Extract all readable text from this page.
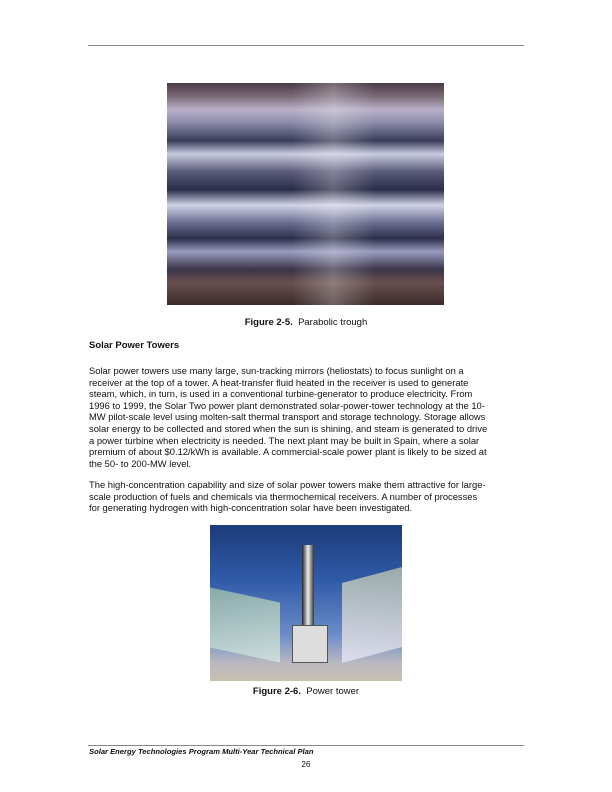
Figure 2-5. Parabolic trough
Solar Power Towers
Solar power towers use many large, sun-tracking mirrors (heliostats) to focus sunlight on a
receiver at the top of a tower. A heat-transfer fluid heated in the receiver is used to generate
steam, which, in turn, is used in a conventional turbine-generator to produce electricity. From
1996 to 1999, the Solar Two power plant demonstrated solar-power-tower technology at the 10-
MW pilot-scale level using molten-salt thermal transport and storage technology. Storage allows
solar energy to be collected and stored when the sun is shining, and steam is generated to drive
a power turbine when electricity is needed. The next plant may be built in Spain, where a solar
premium of about $0.12/kWh is available. A commercial-scale power plant is likely to be sized at
the 50- to 200-MW level.
The high-concentration capability and size of solar power towers make them attractive for large-
scale production of fuels and chemicals via thermochemical receivers. A number of processes
for generating hydrogen with high-concentration solar have been investigated.
Figure 2-6. Power tower
Solar Energy Technologies Program Multi-Year Technical Plan
26
